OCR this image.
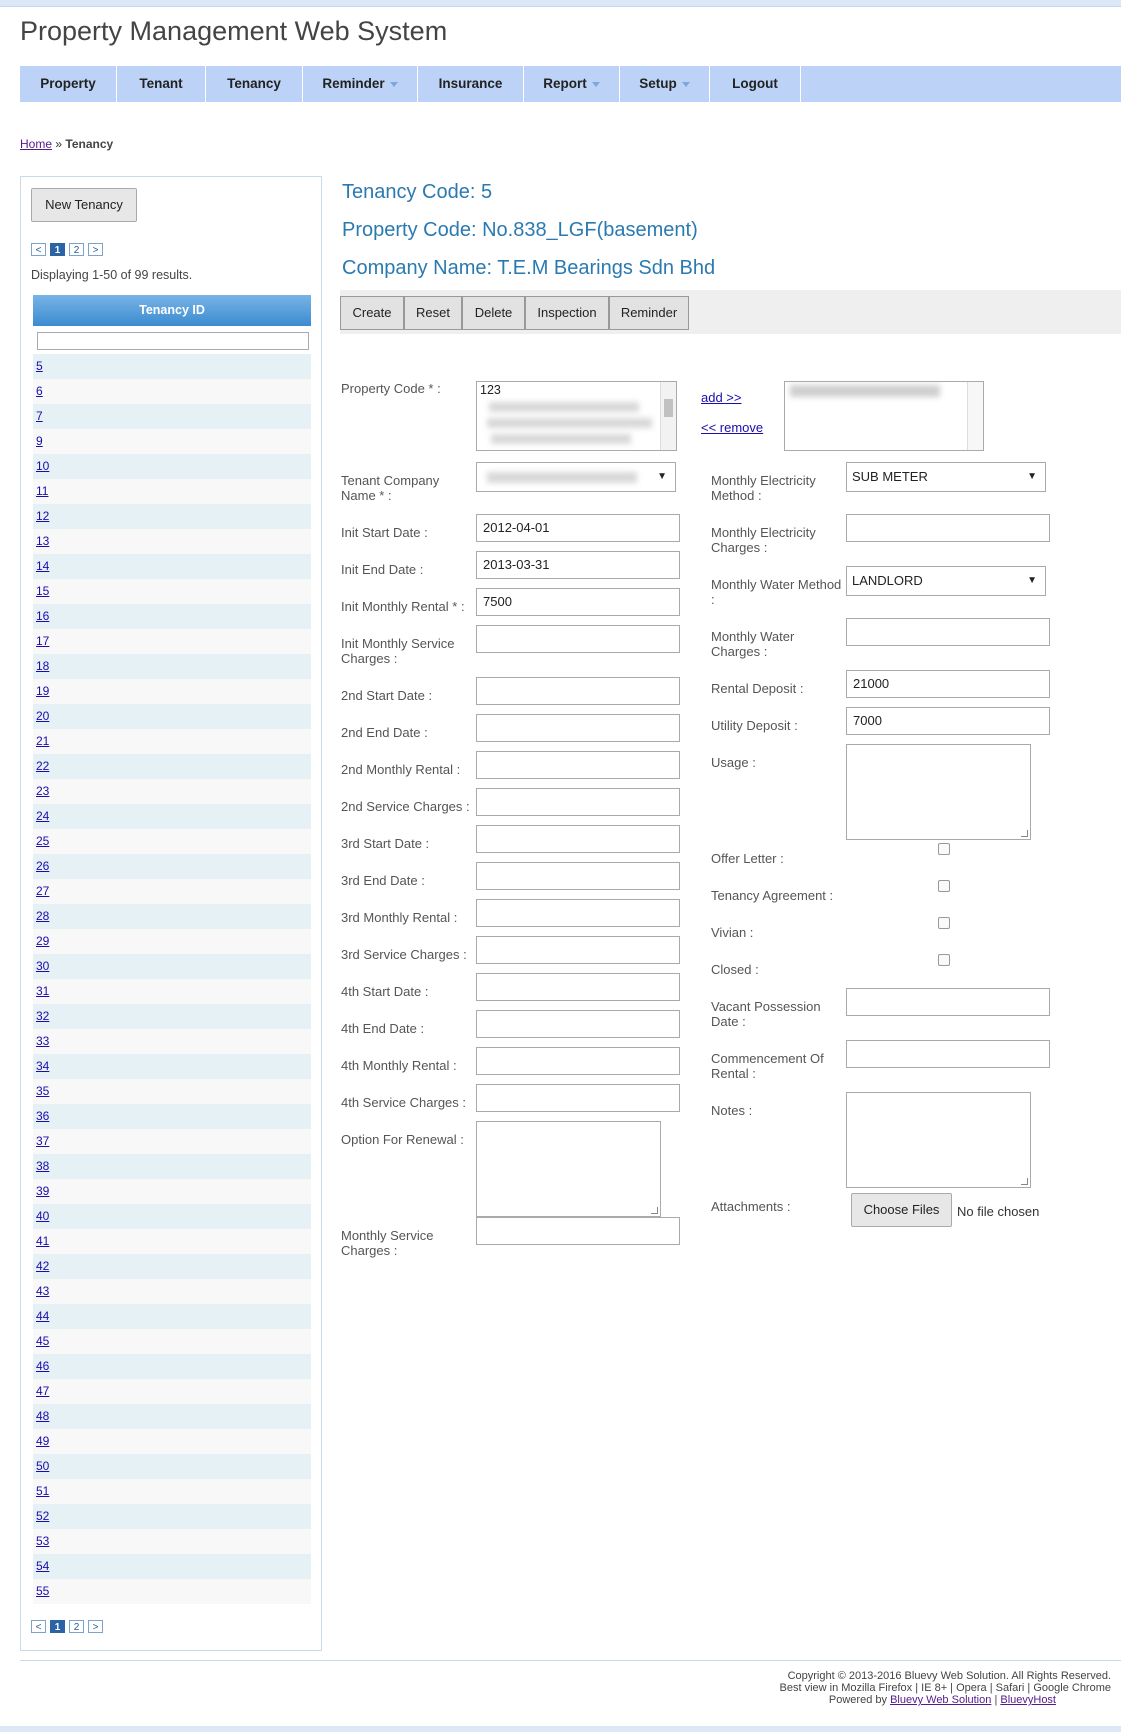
Property Management Web System
Property	Tenant	Tenancy	Reminder	Insurance	Report	Setup	Logout
Home » Tenancy
New Tenancy
<	1	2	>
Displaying 1-50 of 99 results.
Tenancy ID
5
6
7
9
10
11
12
13
14
15
16
17
18
19
20
21
22
23
24
25
26
27
28
29
30
31
32
33
34
35
36
37
38
39
40
41
42
43
44
45
46
47
48
49
50
51
52
53
54
55
<	1	2	>
Tenancy Code: 5
Property Code: No.838_LGF(basement)
Company Name: T.E.M Bearings Sdn Bhd
Create	Reset	Delete	Inspection	Reminder
Property Code * :	123	add >>
<< remove
Tenant Company
Name * :
▼
Init Start Date :	2012-04-01
Init End Date :	2013-03-31
Init Monthly Rental * :	7500
Init Monthly Service
Charges :
2nd Start Date :
2nd End Date :
2nd Monthly Rental :
2nd Service Charges :
3rd Start Date :
3rd End Date :
3rd Monthly Rental :
3rd Service Charges :
4th Start Date :
4th End Date :
4th Monthly Rental :
4th Service Charges :
Option For Renewal :
Monthly Service
Charges :
Monthly Electricity
Method :
SUB METER	▼
Monthly Electricity
Charges :
Monthly Water Method
:
LANDLORD	▼
Monthly Water
Charges :
Rental Deposit :	21000
Utility Deposit :	7000
Usage :
Offer Letter :
Tenancy Agreement :
Vivian :
Closed :
Vacant Possession
Date :
Commencement Of
Rental :
Notes :
Attachments :	Choose Files	No file chosen
Copyright © 2013-2016 Bluevy Web Solution. All Rights Reserved.
Best view in Mozilla Firefox | IE 8+ | Opera | Safari | Google Chrome
Powered by Bluevy Web Solution | BluevyHost
